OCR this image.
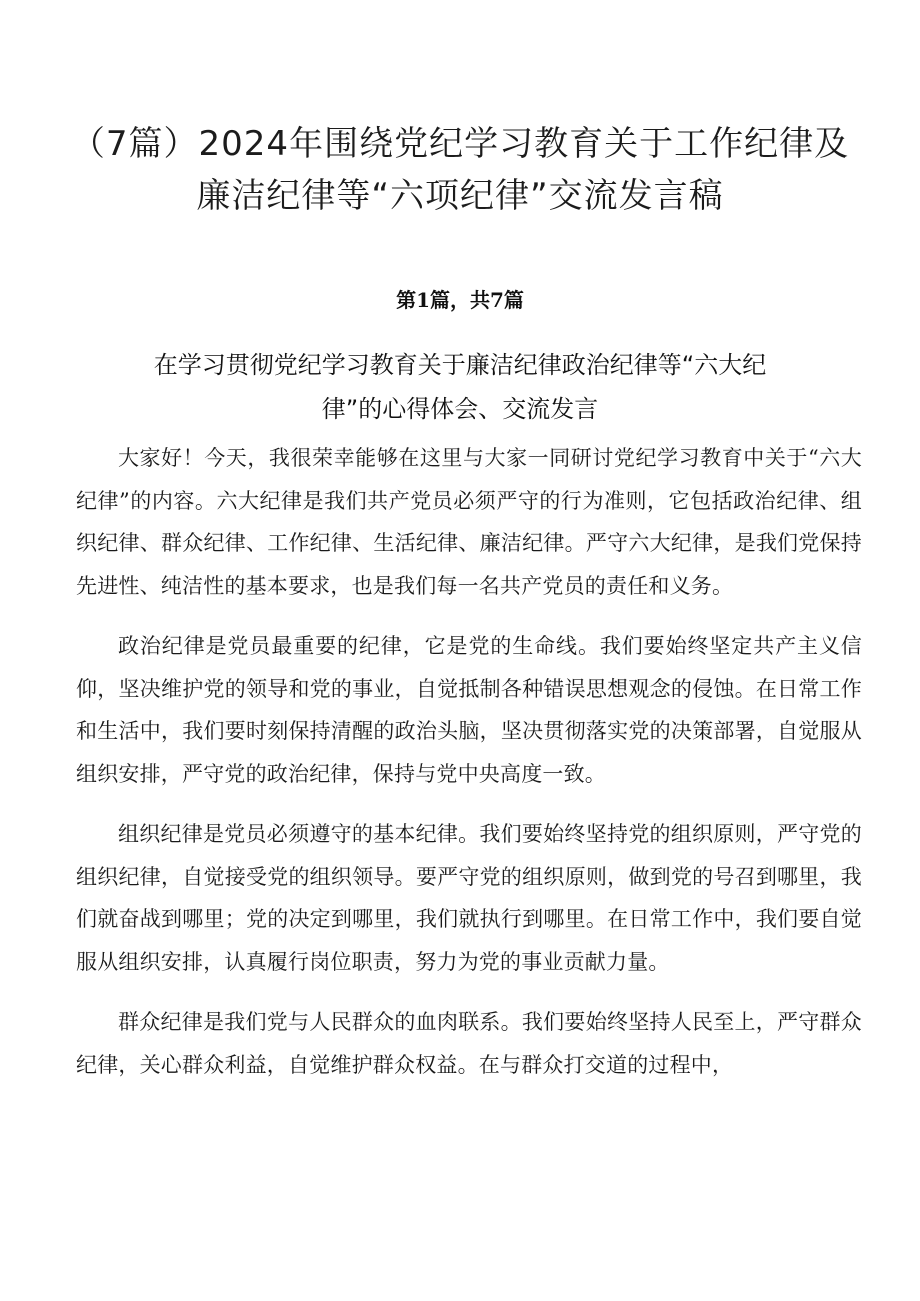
（7篇）2024年围绕党纪学习教育关于工作纪律及
廉洁纪律等“六项纪律”交流发言稿
第1篇，共7篇
在学习贯彻党纪学习教育关于廉洁纪律政治纪律等“六大纪
律”的心得体会、交流发言

大家好！今天，我很荣幸能够在这里与大家一同研讨党纪学习教育中关于“六大纪律”的内容。六大纪律是我们共产党员必须严守的行为准则，它包括政治纪律、组织纪律、群众纪律、工作纪律、生活纪律、廉洁纪律。严守六大纪律，是我们党保持先进性、纯洁性的基本要求，也是我们每一名共产党员的责任和义务。

政治纪律是党员最重要的纪律，它是党的生命线。我们要始终坚定共产主义信仰，坚决维护党的领导和党的事业，自觉抵制各种错误思想观念的侵蚀。在日常工作和生活中，我们要时刻保持清醒的政治头脑，坚决贯彻落实党的决策部署，自觉服从组织安排，严守党的政治纪律，保持与党中央高度一致。

组织纪律是党员必须遵守的基本纪律。我们要始终坚持党的组织原则，严守党的组织纪律，自觉接受党的组织领导。要严守党的组织原则，做到党的号召到哪里，我们就奋战到哪里；党的决定到哪里，我们就执行到哪里。在日常工作中，我们要自觉服从组织安排，认真履行岗位职责，努力为党的事业贡献力量。

群众纪律是我们党与人民群众的血肉联系。我们要始终坚持人民至上，严守群众纪律，关心群众利益，自觉维护群众权益。在与群众打交道的过程中，
